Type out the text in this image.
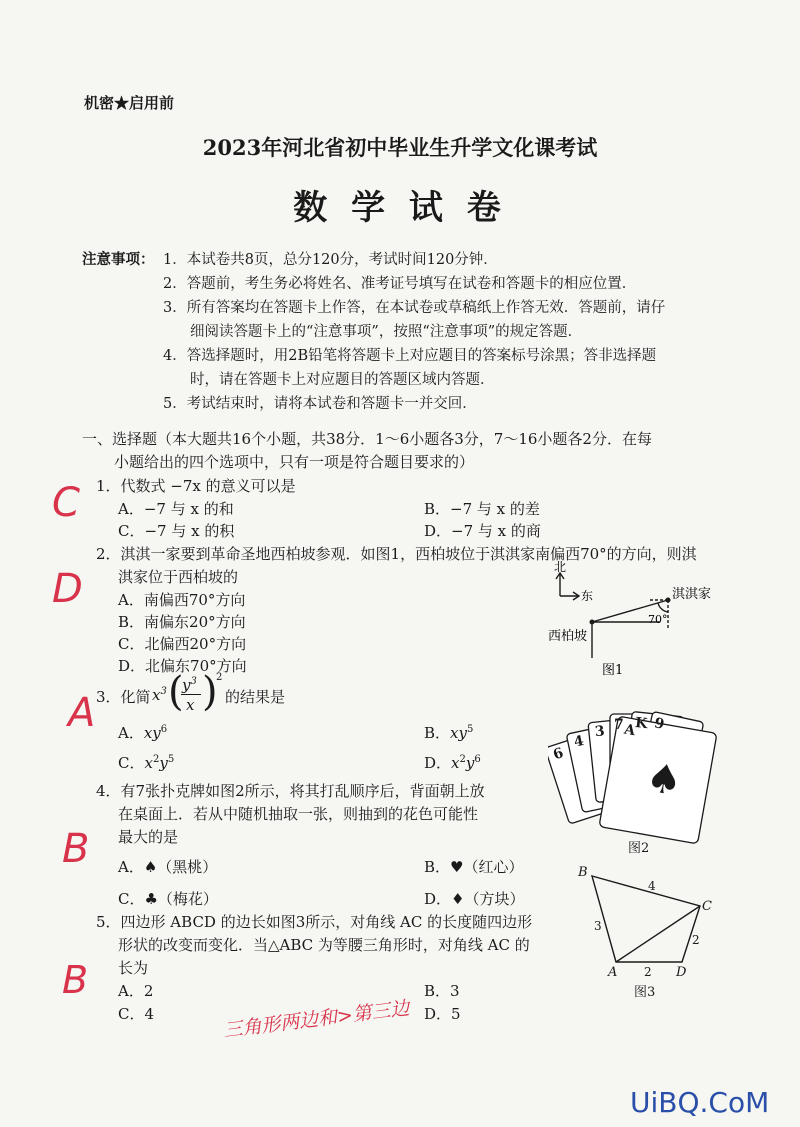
机密★启用前
2023年河北省初中毕业生升学文化课考试
数 学 试 卷
注意事项： 1．本试卷共8页，总分120分，考试时间120分钟．
2．答题前，考生务必将姓名、准考证号填写在试卷和答题卡的相应位置．
3．所有答案均在答题卡上作答，在本试卷或草稿纸上作答无效．答题前，请仔
细阅读答题卡上的“注意事项”，按照“注意事项”的规定答题．
4．答选择题时，用2B铅笔将答题卡上对应题目的答案标号涂黑；答非选择题
时，请在答题卡上对应题目的答题区域内答题．
5．考试结束时，请将本试卷和答题卡一并交回．
一、选择题（本大题共16个小题，共38分．1～6小题各3分，7～16小题各2分．在每
小题给出的四个选项中，只有一项是符合题目要求的）
1．代数式 −7x 的意义可以是
A．−7 与 x 的和	B．−7 与 x 的差
C．−7 与 x 的积	D．−7 与 x 的商
2．淇淇一家要到革命圣地西柏坡参观．如图1，西柏坡位于淇淇家南偏西70°的方向，则淇
淇家位于西柏坡的
A．南偏西70°方向
B．南偏东20°方向
C．北偏西20°方向
D．北偏东70°方向
北
东	淇淇家
西柏坡
70°
图1
3．化简 $x^3$ (
$y^3$
x )
2
的结果是
A．$xy^6$	B．$xy^5$
C．$x^2y^5$	D．$x^2y^6$	6
4
3 7 K 9
A
♠
图2
4．有7张扑克牌如图2所示，将其打乱顺序后，背面朝上放
在桌面上．若从中随机抽取一张，则抽到的花色可能性
最大的是
A．♠（黑桃）	B．♥（红心）
C．♣（梅花）	D．♦（方块）
B
C
A	D
4
3
2
2
图3
5．四边形 ABCD 的边长如图3所示，对角线 AC 的长度随四边形
形状的改变而变化．当△ABC 为等腰三角形时，对角线 AC 的
长为
A．2	B．3
C．4	D．5
C
D
A
B
B
三角形两边和>第三边
UiBQ.CoM
